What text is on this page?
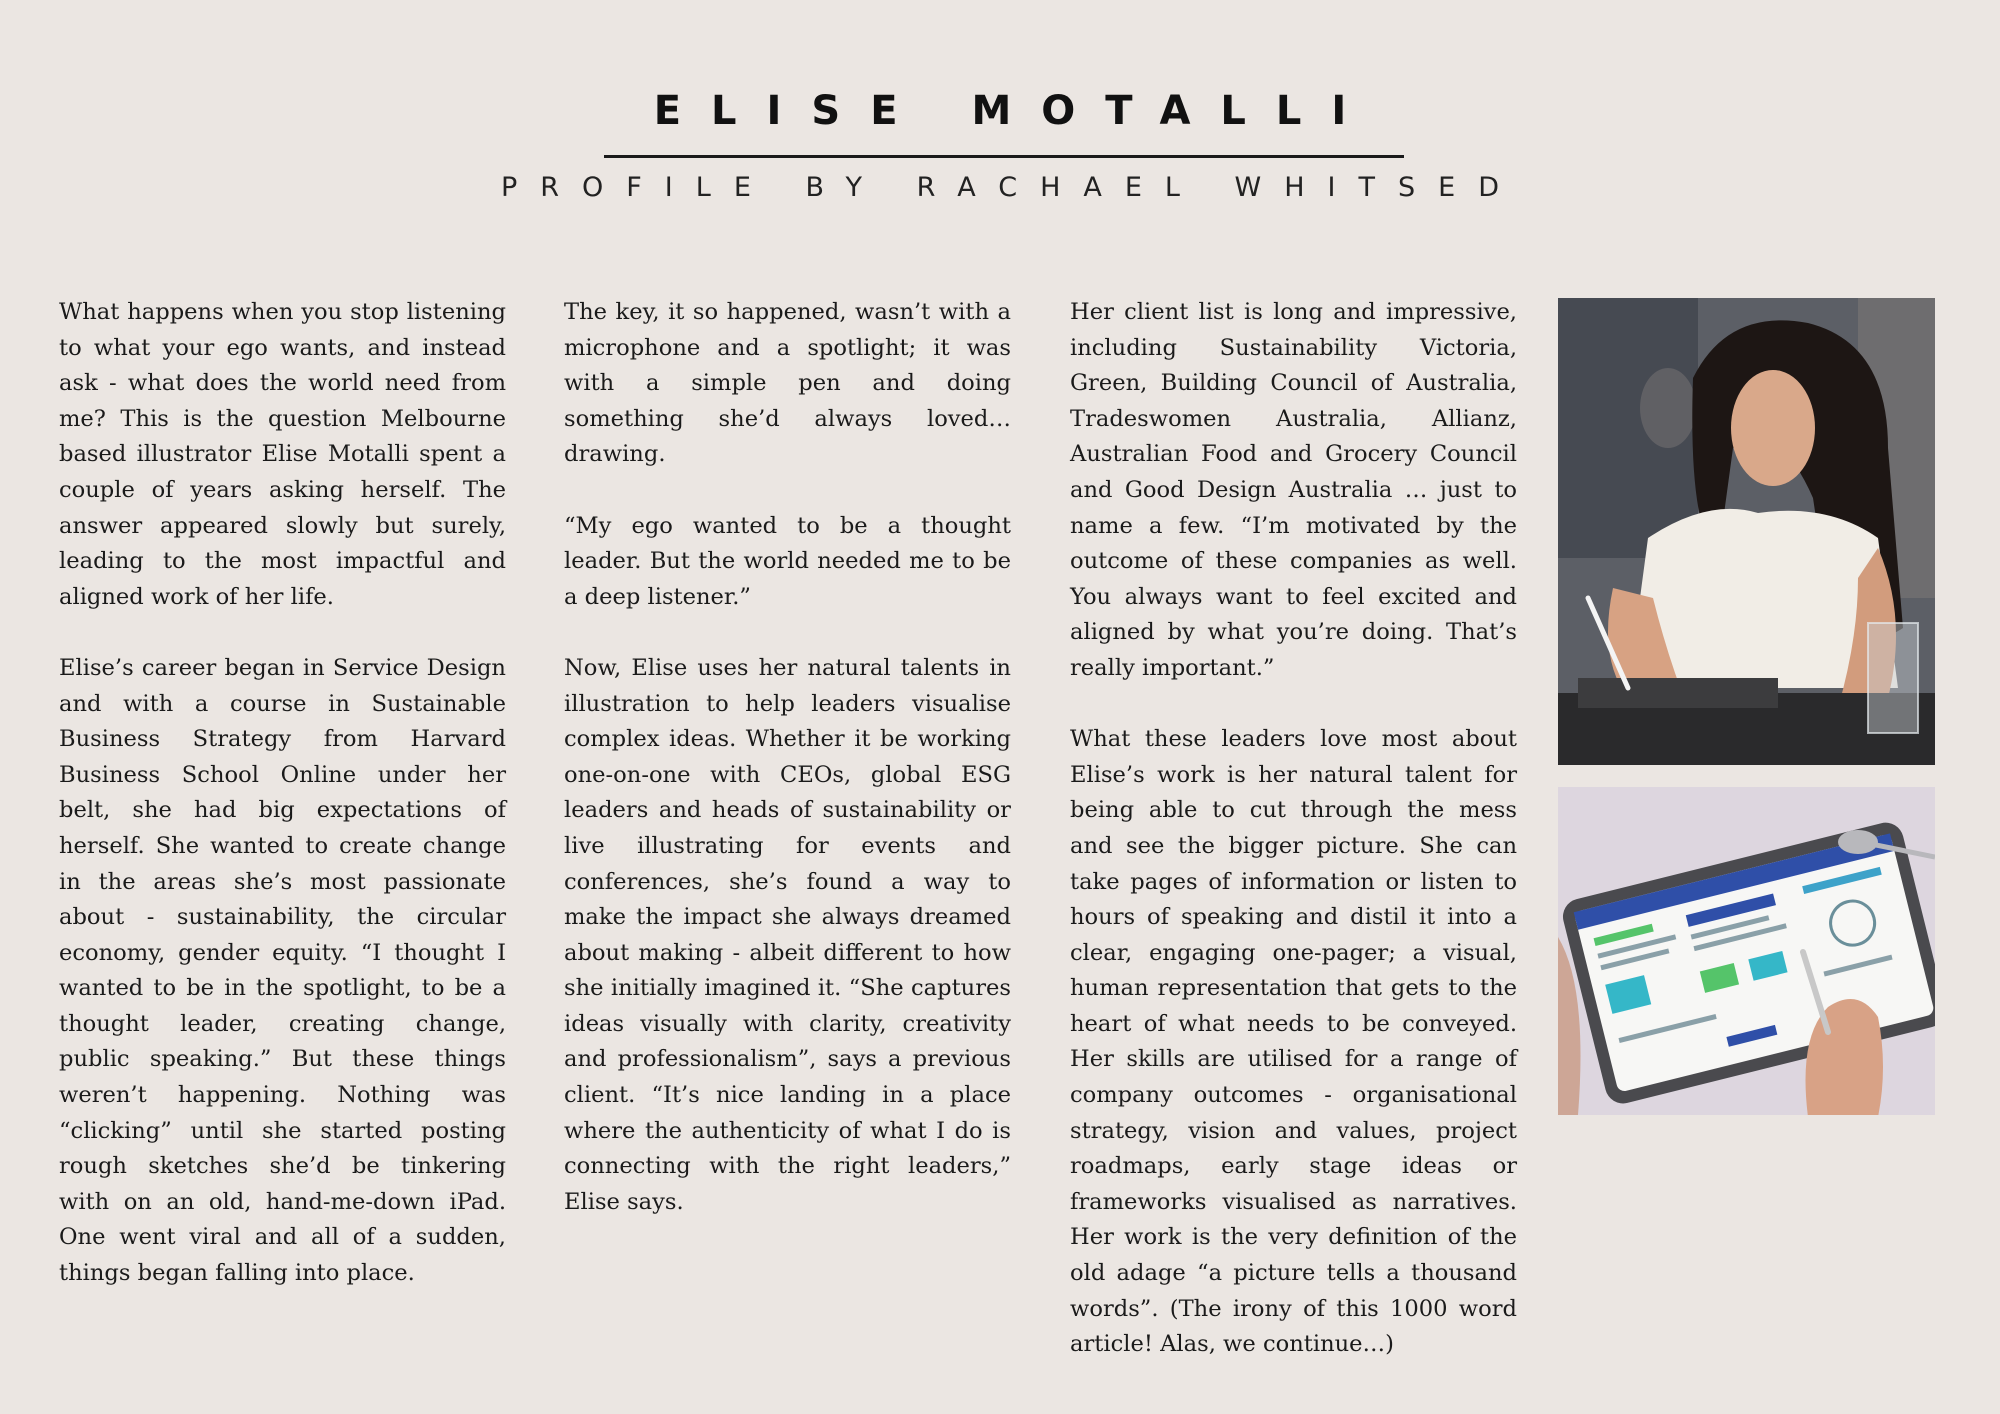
ELISE MOTALLI
PROFILE BY RACHAEL WHITSED

What happens when you stop listening to what your ego wants, and instead ask - what does the world need from me? This is the question Melbourne based illustrator Elise Motalli spent a couple of years asking herself. The answer appeared slowly but surely, leading to the most impactful and aligned work of her life.

Elise’s career began in Service Design and with a course in Sustainable Business Strategy from Harvard Business School Online under her belt, she had big expectations of herself. She wanted to create change in the areas she’s most passionate about - sustainability, the circular economy, gender equity. “I thought I wanted to be in the spotlight, to be a thought leader, creating change, public speaking.” But these things weren’t happening. Nothing was “clicking” until she started posting rough sketches she’d be tinkering with on an old, hand-me-down iPad. One went viral and all of a sudden, things began falling into place.

The key, it so happened, wasn’t with a microphone and a spotlight; it was with a simple pen and doing something she’d always loved… drawing.

“My ego wanted to be a thought leader. But the world needed me to be a deep listener.”

Now, Elise uses her natural talents in illustration to help leaders visualise complex ideas. Whether it be working one-on-one with CEOs, global ESG leaders and heads of sustainability or live illustrating for events and conferences, she’s found a way to make the impact she always dreamed about making - albeit different to how she initially imagined it. “She captures ideas visually with clarity, creativity and professionalism”, says a previous client. “It’s nice landing in a place where the authenticity of what I do is connecting with the right leaders,” Elise says.

Her client list is long and impressive, including Sustainability Victoria, Green, Building Council of Australia, Tradeswomen Australia, Allianz, Australian Food and Grocery Council and Good Design Australia … just to name a few. “I’m motivated by the outcome of these companies as well. You always want to feel excited and aligned by what you’re doing. That’s really important.”

What these leaders love most about Elise’s work is her natural talent for being able to cut through the mess and see the bigger picture. She can take pages of information or listen to hours of speaking and distil it into a clear, engaging one-pager; a visual, human representation that gets to the heart of what needs to be conveyed. Her skills are utilised for a range of company outcomes - organisational strategy, vision and values, project roadmaps, early stage ideas or frameworks visualised as narratives. Her work is the very definition of the old adage “a picture tells a thousand words”. (The irony of this 1000 word article! Alas, we continue…)
